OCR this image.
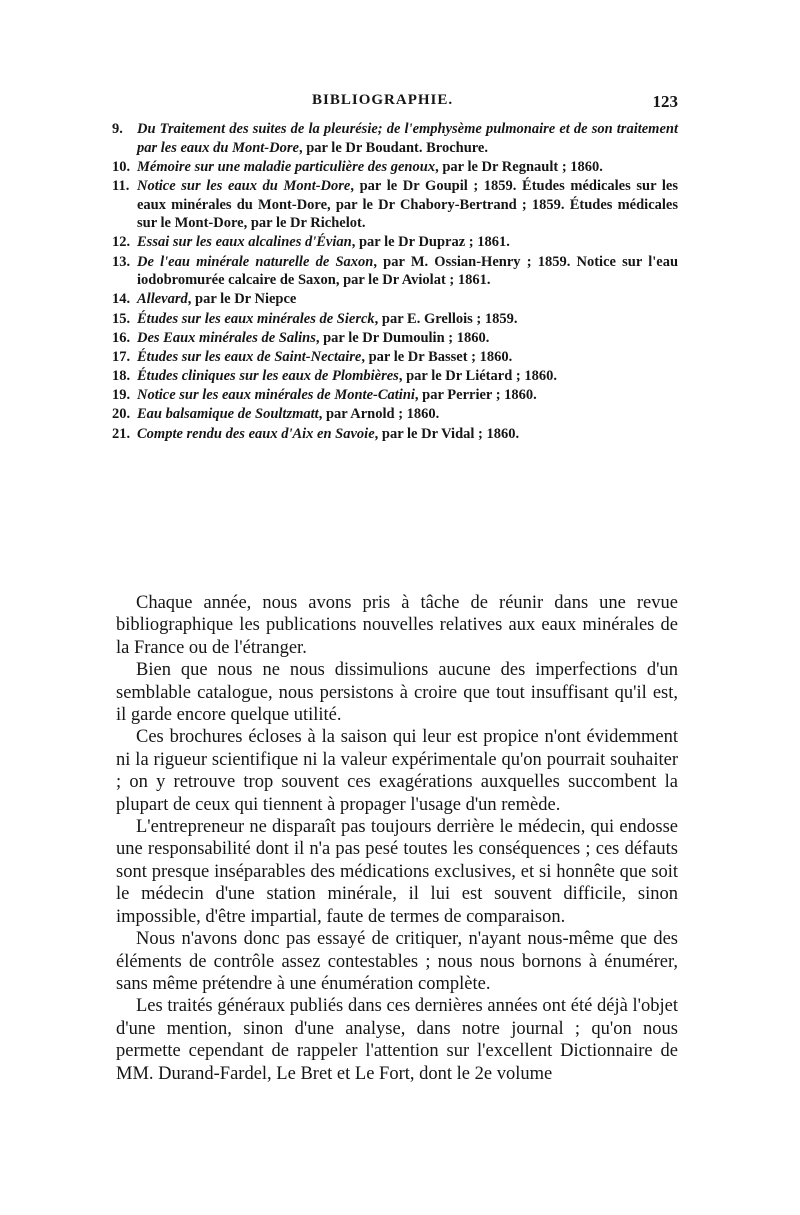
BIBLIOGRAPHIE.	123
9. Du Traitement des suites de la pleurésie; de l'emphysème pulmonaire et de son traitement par les eaux du Mont-Dore, par le Dr Boudant. Brochure.
10. Mémoire sur une maladie particulière des genoux, par le Dr Regnault ; 1860.
11. Notice sur les eaux du Mont-Dore, par le Dr Goupil ; 1859. Études médicales sur les eaux minérales du Mont-Dore, par le Dr Chabory-Bertrand ; 1859. Études médicales sur le Mont-Dore, par le Dr Richelot.
12. Essai sur les eaux alcalines d'Évian, par le Dr Dupraz ; 1861.
13. De l'eau minérale naturelle de Saxon, par M. Ossian-Henry ; 1859. Notice sur l'eau iodobromurée calcaire de Saxon, par le Dr Aviolat ; 1861.
14. Allevard, par le Dr Niepce
15. Études sur les eaux minérales de Sierck, par E. Grellois ; 1859.
16. Des Eaux minérales de Salins, par le Dr Dumoulin ; 1860.
17. Études sur les eaux de Saint-Nectaire, par le Dr Basset ; 1860.
18. Études cliniques sur les eaux de Plombières, par le Dr Liétard ; 1860.
19. Notice sur les eaux minérales de Monte-Catini, par Perrier ; 1860.
20. Eau balsamique de Soultzmatt, par Arnold ; 1860.
21. Compte rendu des eaux d'Aix en Savoie, par le Dr Vidal ; 1860.

Chaque année, nous avons pris à tâche de réunir dans une revue bibliographique les publications nouvelles relatives aux eaux minérales de la France ou de l'étranger.

Bien que nous ne nous dissimulions aucune des imperfections d'un semblable catalogue, nous persistons à croire que tout insuffisant qu'il est, il garde encore quelque utilité.

Ces brochures écloses à la saison qui leur est propice n'ont évidemment ni la rigueur scientifique ni la valeur expérimentale qu'on pourrait souhaiter ; on y retrouve trop souvent ces exagérations auxquelles succombent la plupart de ceux qui tiennent à propager l'usage d'un remède.

L'entrepreneur ne disparaît pas toujours derrière le médecin, qui endosse une responsabilité dont il n'a pas pesé toutes les conséquences ; ces défauts sont presque inséparables des médications exclusives, et si honnête que soit le médecin d'une station minérale, il lui est souvent difficile, sinon impossible, d'être impartial, faute de termes de comparaison.

Nous n'avons donc pas essayé de critiquer, n'ayant nous-même que des éléments de contrôle assez contestables ; nous nous bornons à énumérer, sans même prétendre à une énumération complète.

Les traités généraux publiés dans ces dernières années ont été déjà l'objet d'une mention, sinon d'une analyse, dans notre journal ; qu'on nous permette cependant de rappeler l'attention sur l'excellent Dictionnaire de MM. Durand-Fardel, Le Bret et Le Fort, dont le 2e volume
